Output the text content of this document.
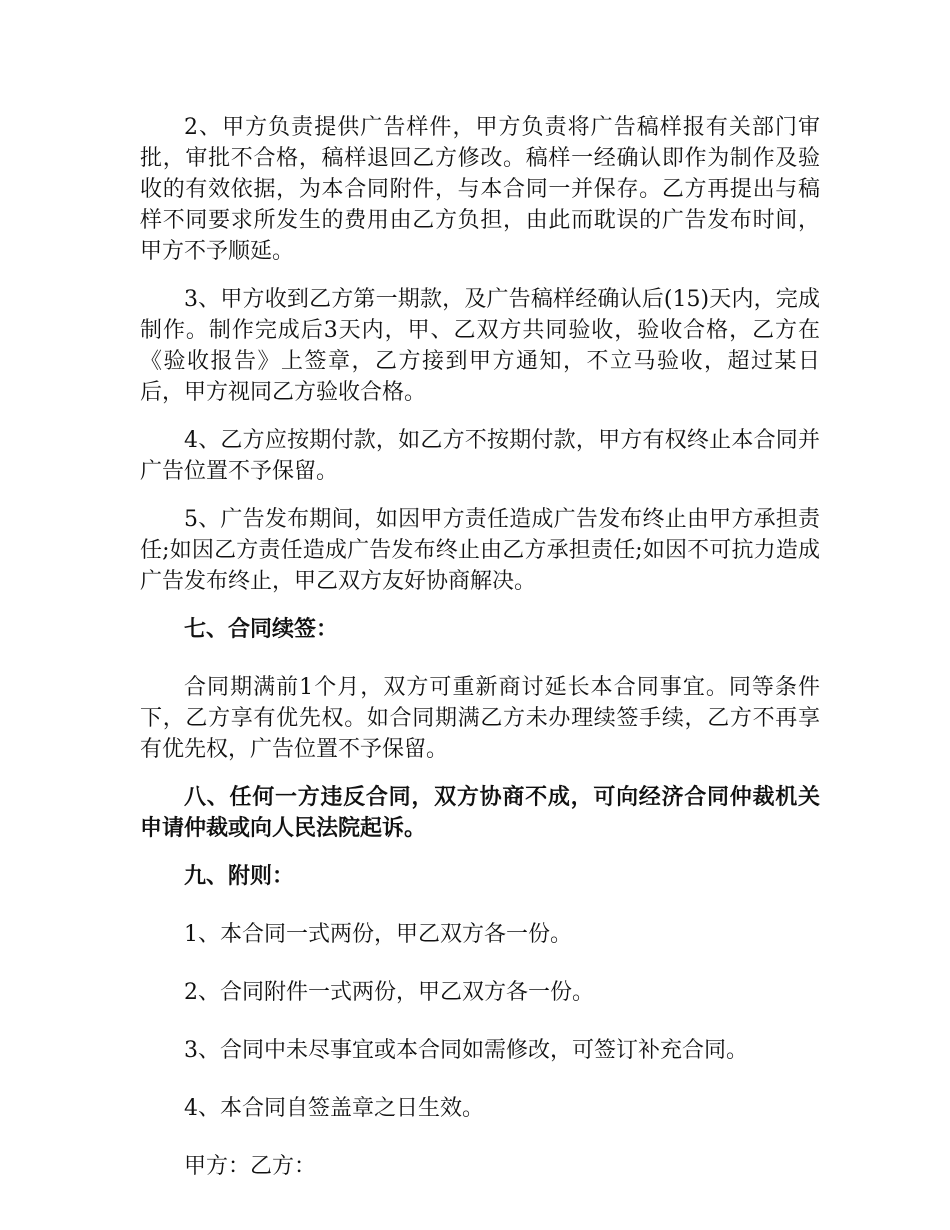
2、甲方负责提供广告样件，甲方负责将广告稿样报有关部门审批，审批不合格，稿样退回乙方修改。稿样一经确认即作为制作及验收的有效依据，为本合同附件，与本合同一并保存。乙方再提出与稿样不同要求所发生的费用由乙方负担，由此而耽误的广告发布时间，甲方不予顺延。

3、甲方收到乙方第一期款，及广告稿样经确认后(15)天内，完成制作。制作完成后3天内，甲、乙双方共同验收，验收合格，乙方在《验收报告》上签章，乙方接到甲方通知，不立马验收，超过某日后，甲方视同乙方验收合格。

4、乙方应按期付款，如乙方不按期付款，甲方有权终止本合同并广告位置不予保留。

5、广告发布期间，如因甲方责任造成广告发布终止由甲方承担责任;如因乙方责任造成广告发布终止由乙方承担责任;如因不可抗力造成广告发布终止，甲乙双方友好协商解决。

七、合同续签：

合同期满前1个月，双方可重新商讨延长本合同事宜。同等条件下，乙方享有优先权。如合同期满乙方未办理续签手续，乙方不再享有优先权，广告位置不予保留。

八、任何一方违反合同，双方协商不成，可向经济合同仲裁机关申请仲裁或向人民法院起诉。

九、附则：

1、本合同一式两份，甲乙双方各一份。

2、合同附件一式两份，甲乙双方各一份。

3、合同中未尽事宜或本合同如需修改，可签订补充合同。

4、本合同自签盖章之日生效。

甲方：乙方：
